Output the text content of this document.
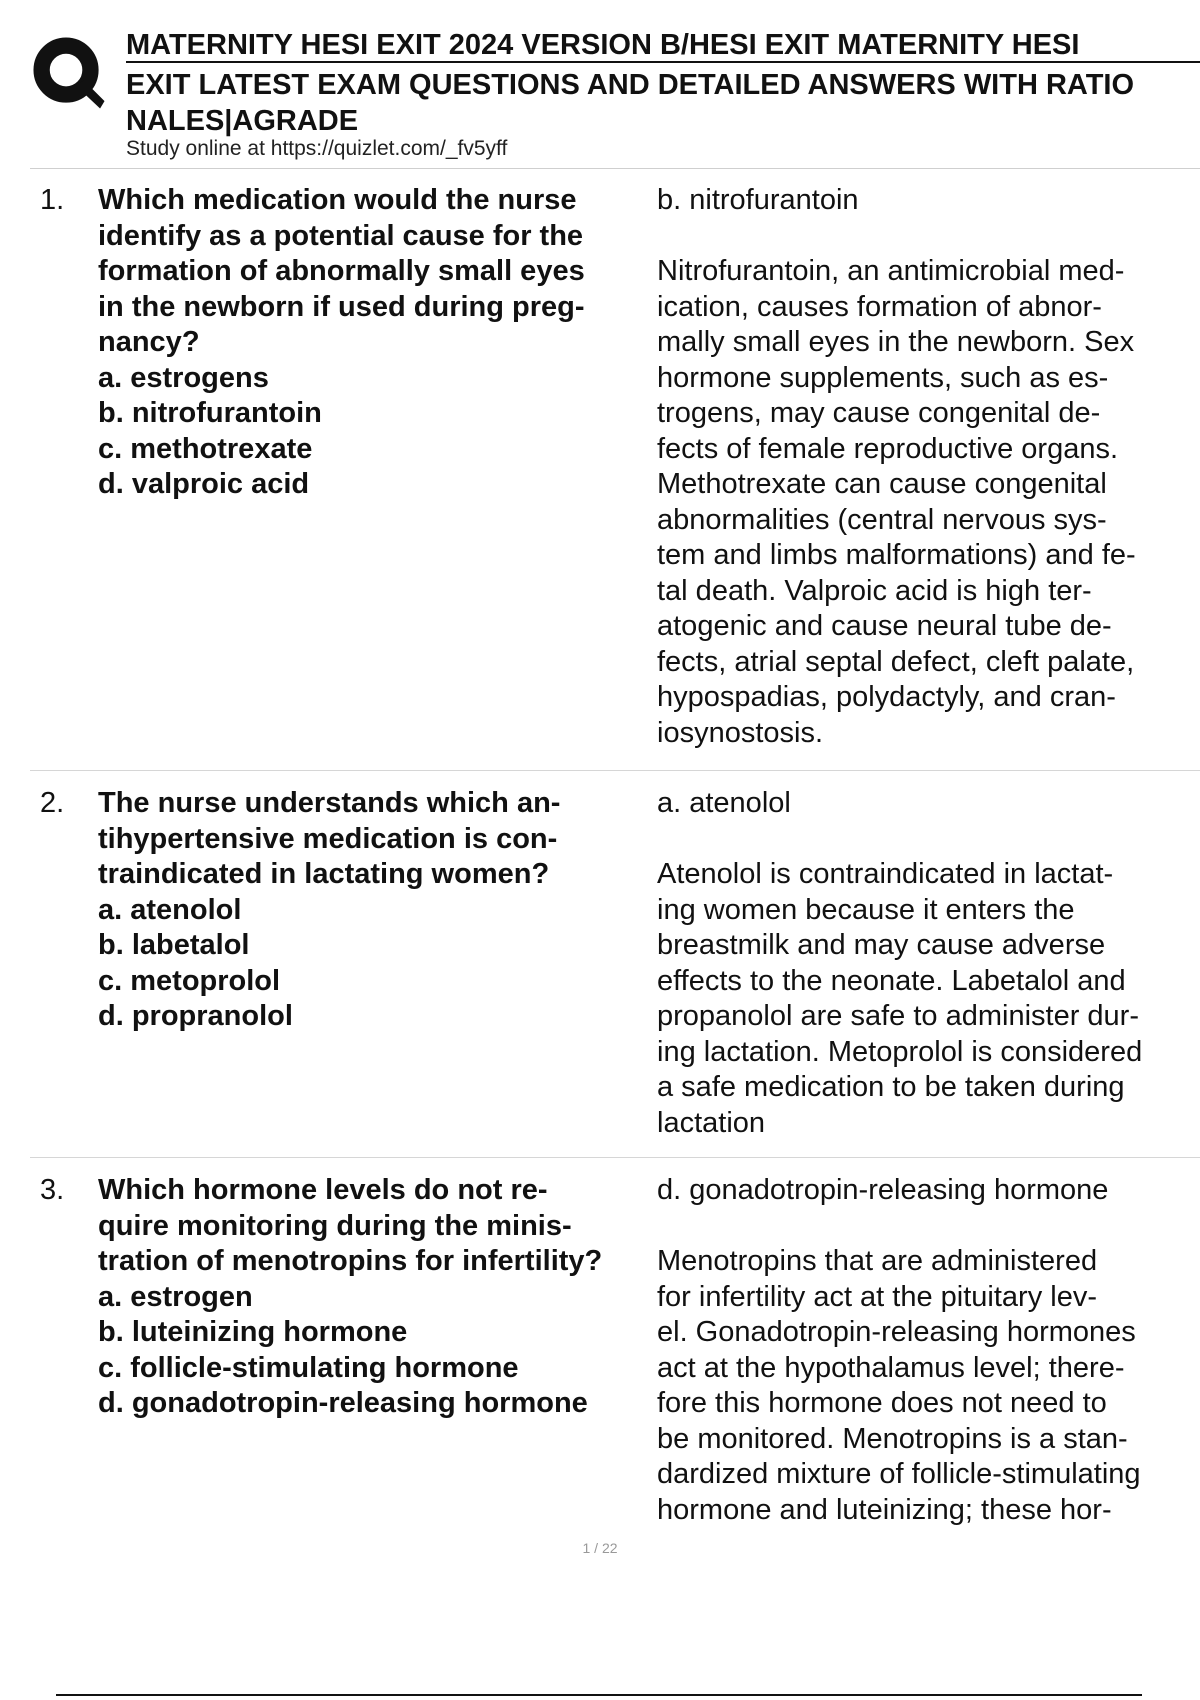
MATERNITY HESI EXIT 2024 VERSION B/HESI EXIT MATERNITY HESI
EXIT LATEST EXAM QUESTIONS AND DETAILED ANSWERS WITH RATIO
NALES|AGRADE
Study online at https://quizlet.com/_fv5yff
1. Which medication would the nurse
identify as a potential cause for the
formation of abnormally small eyes
in the newborn if used during preg-
nancy?
a. estrogens
b. nitrofurantoin
c. methotrexate
d. valproic acid
b. nitrofurantoin
Nitrofurantoin, an antimicrobial med-
ication, causes formation of abnor-
mally small eyes in the newborn. Sex
hormone supplements, such as es-
trogens, may cause congenital de-
fects of female reproductive organs.
Methotrexate can cause congenital
abnormalities (central nervous sys-
tem and limbs malformations) and fe-
tal death. Valproic acid is high ter-
atogenic and cause neural tube de-
fects, atrial septal defect, cleft palate,
hypospadias, polydactyly, and cran-
iosynostosis.
2. The nurse understands which an-
tihypertensive medication is con-
traindicated in lactating women?
a. atenolol
b. labetalol
c. metoprolol
d. propranolol
a. atenolol
Atenolol is contraindicated in lactat-
ing women because it enters the
breastmilk and may cause adverse
effects to the neonate. Labetalol and
propanolol are safe to administer dur-
ing lactation. Metoprolol is considered
a safe medication to be taken during
lactation
3. Which hormone levels do not re-
quire monitoring during the minis-
tration of menotropins for infertility?
a. estrogen
b. luteinizing hormone
c. follicle-stimulating hormone
d. gonadotropin-releasing hormone
d. gonadotropin-releasing hormone
Menotropins that are administered
for infertility act at the pituitary lev-
el. Gonadotropin-releasing hormones
act at the hypothalamus level; there-
fore this hormone does not need to
be monitored. Menotropins is a stan-
dardized mixture of follicle-stimulating
hormone and luteinizing; these hor-
1 / 22
